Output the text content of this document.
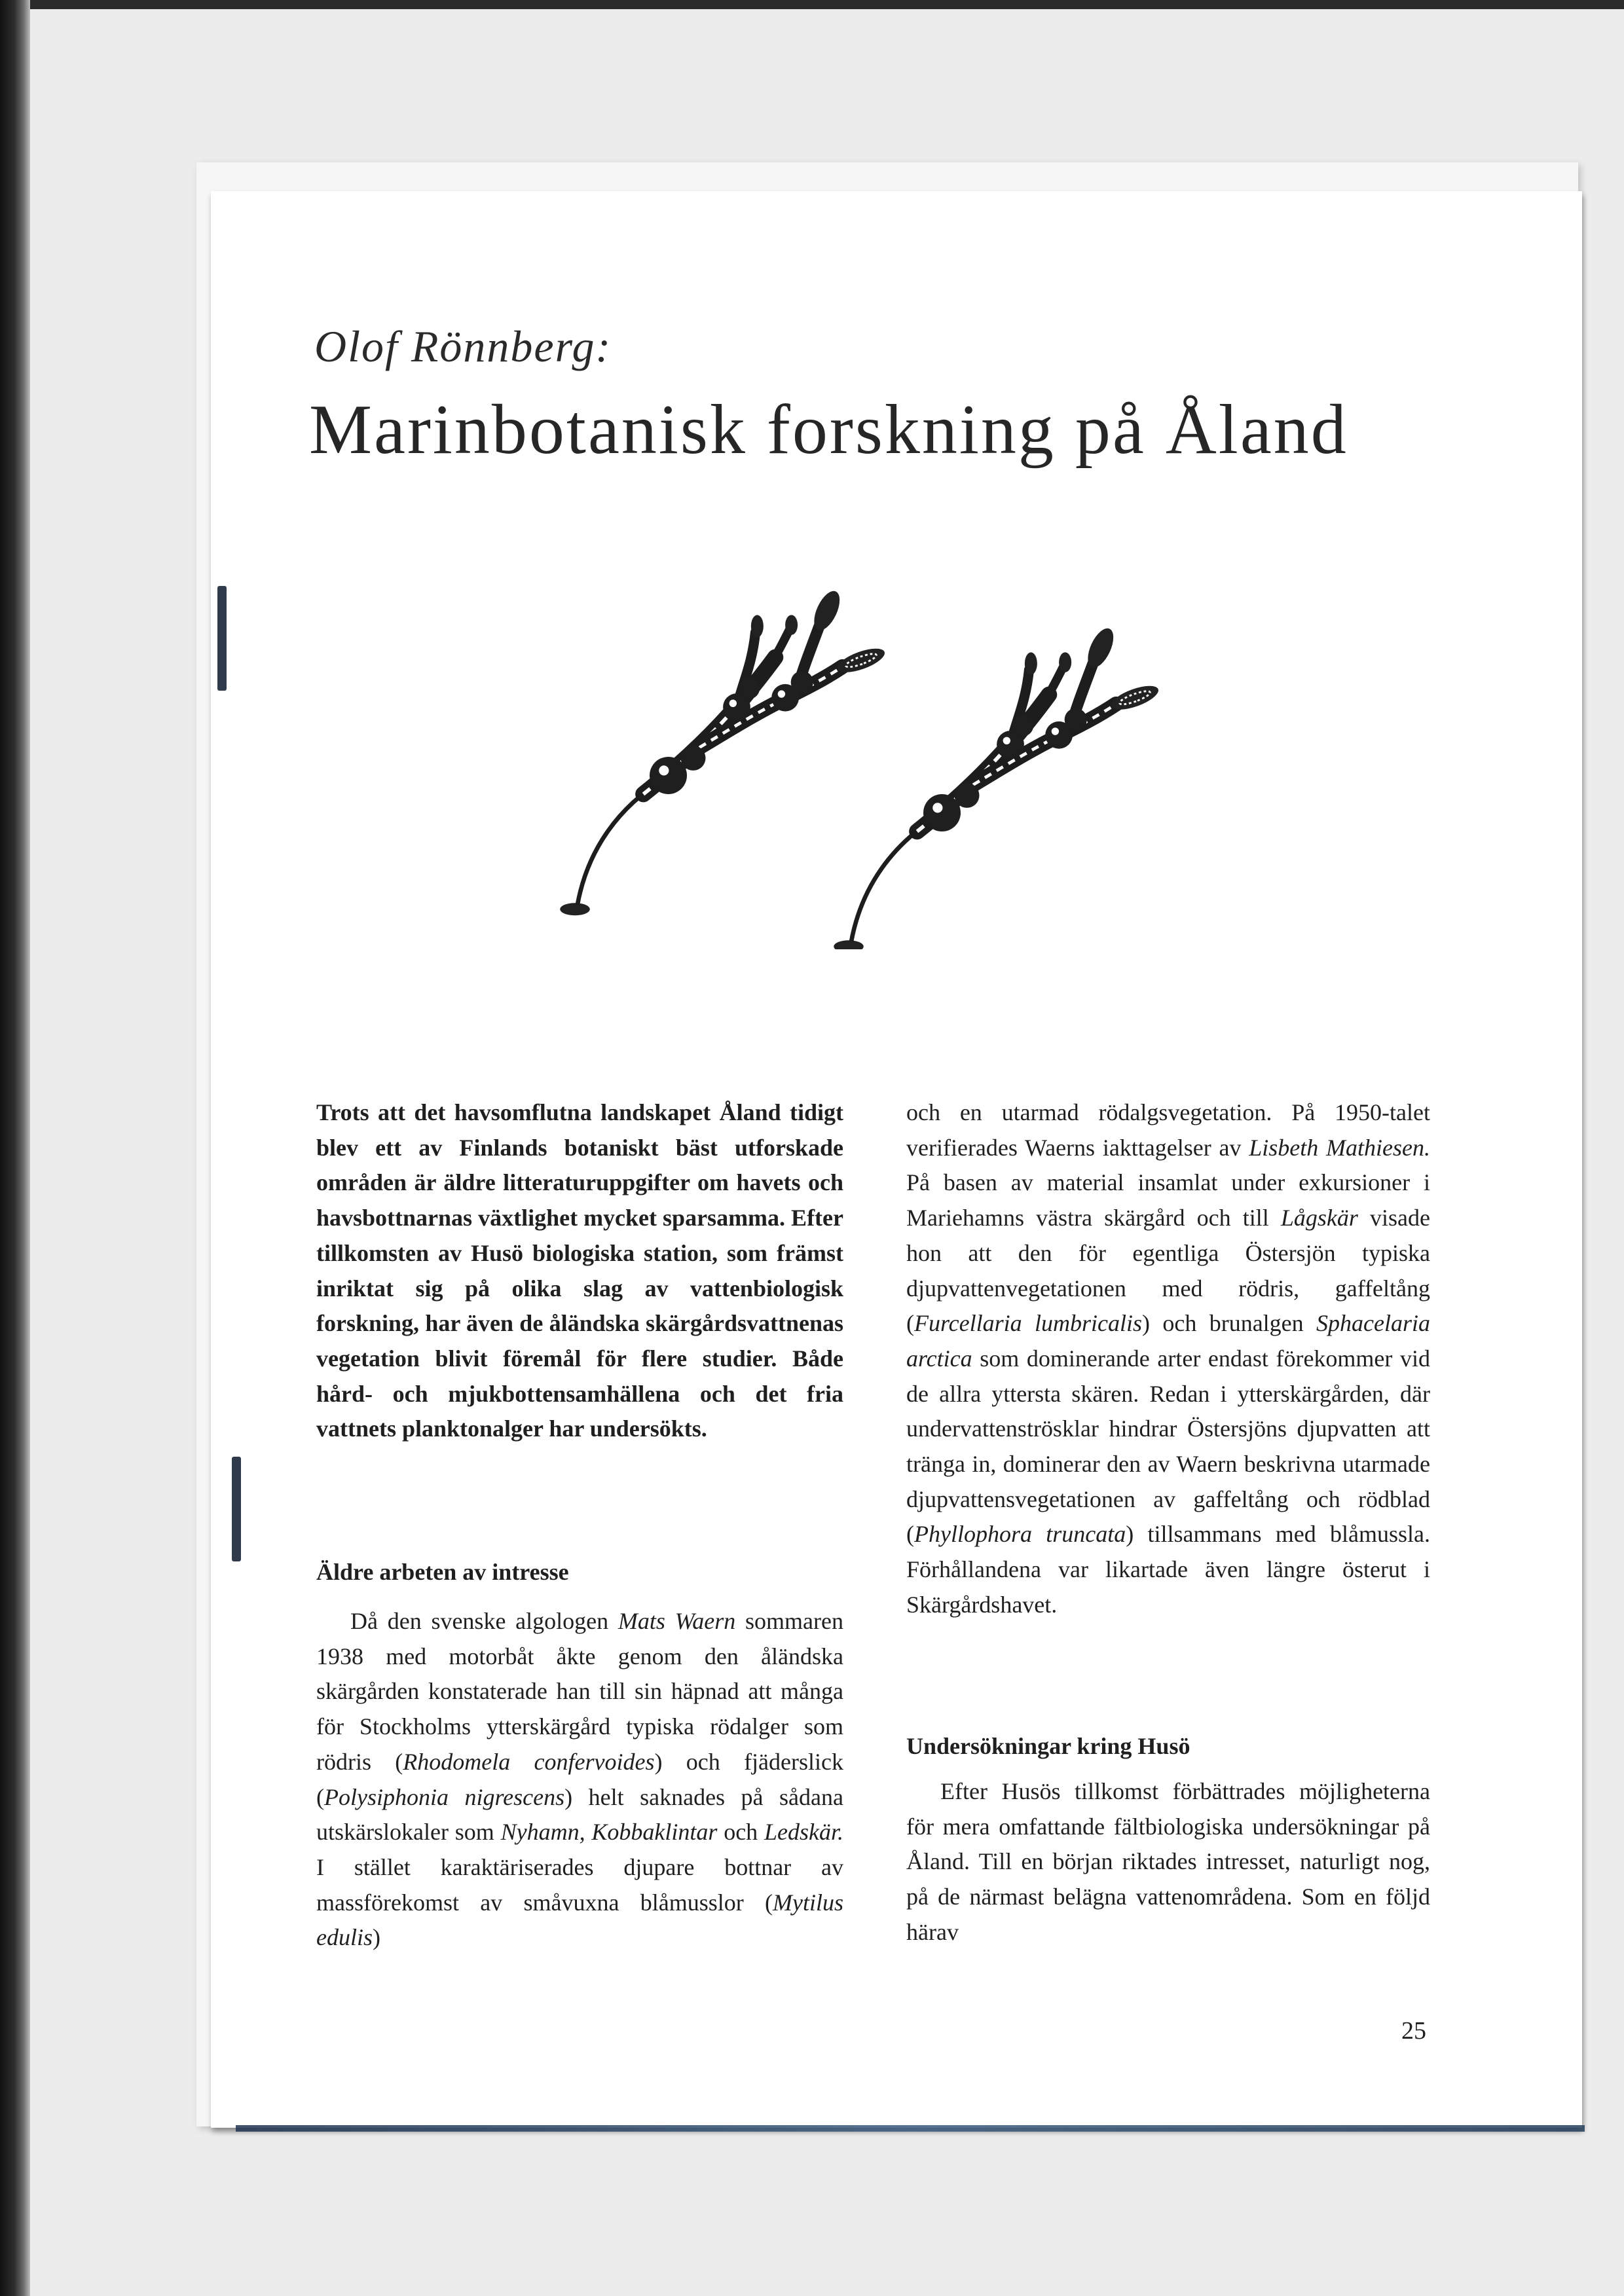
Olof Rönnberg:
Marinbotanisk forskning på Åland

Trots att det havsomflutna landskapet Åland tidigt blev ett av Finlands botaniskt bäst utforskade områden är äldre litteraturuppgifter om havets och havsbottnarnas växtlighet mycket sparsamma. Efter tillkomsten av Husö biologiska station, som främst inriktat sig på olika slag av vattenbiologisk forskning, har även de åländska skärgårdsvattnenas vegetation blivit föremål för flere studier. Både hård- och mjukbottensamhällena och det fria vattnets planktonalger har undersökts.

Äldre arbeten av intresse

Då den svenske algologen Mats Waern sommaren 1938 med motorbåt åkte genom den åländska skärgården konstaterade han till sin häpnad att många för Stockholms ytterskärgård typiska rödalger som rödris (Rhodomela confervoides) och fjäderslick (Polysiphonia nigrescens) helt saknades på sådana utskärslokaler som Nyhamn, Kobbaklintar och Ledskär. I stället karaktäriserades djupare bottnar av massförekomst av småvuxna blåmusslor (Mytilus edulis)

och en utarmad rödalgsvegetation. På 1950-talet verifierades Waerns iakttagelser av Lisbeth Mathiesen. På basen av material insamlat under exkursioner i Mariehamns västra skärgård och till Lågskär visade hon att den för egentliga Östersjön typiska djupvattenvegetationen med rödris, gaffeltång (Furcellaria lumbricalis) och brunalgen Sphacelaria arctica som dominerande arter endast förekommer vid de allra yttersta skären. Redan i ytterskärgården, där undervattenströsklar hindrar Östersjöns djupvatten att tränga in, dominerar den av Waern beskrivna utarmade djupvattensvegetationen av gaffeltång och rödblad (Phyllophora truncata) tillsammans med blåmussla. Förhållandena var likartade även längre österut i Skärgårdshavet.

Undersökningar kring Husö

Efter Husös tillkomst förbättrades möjligheterna för mera omfattande fältbiologiska undersökningar på Åland. Till en början riktades intresset, naturligt nog, på de närmast belägna vattenområdena. Som en följd härav

25
